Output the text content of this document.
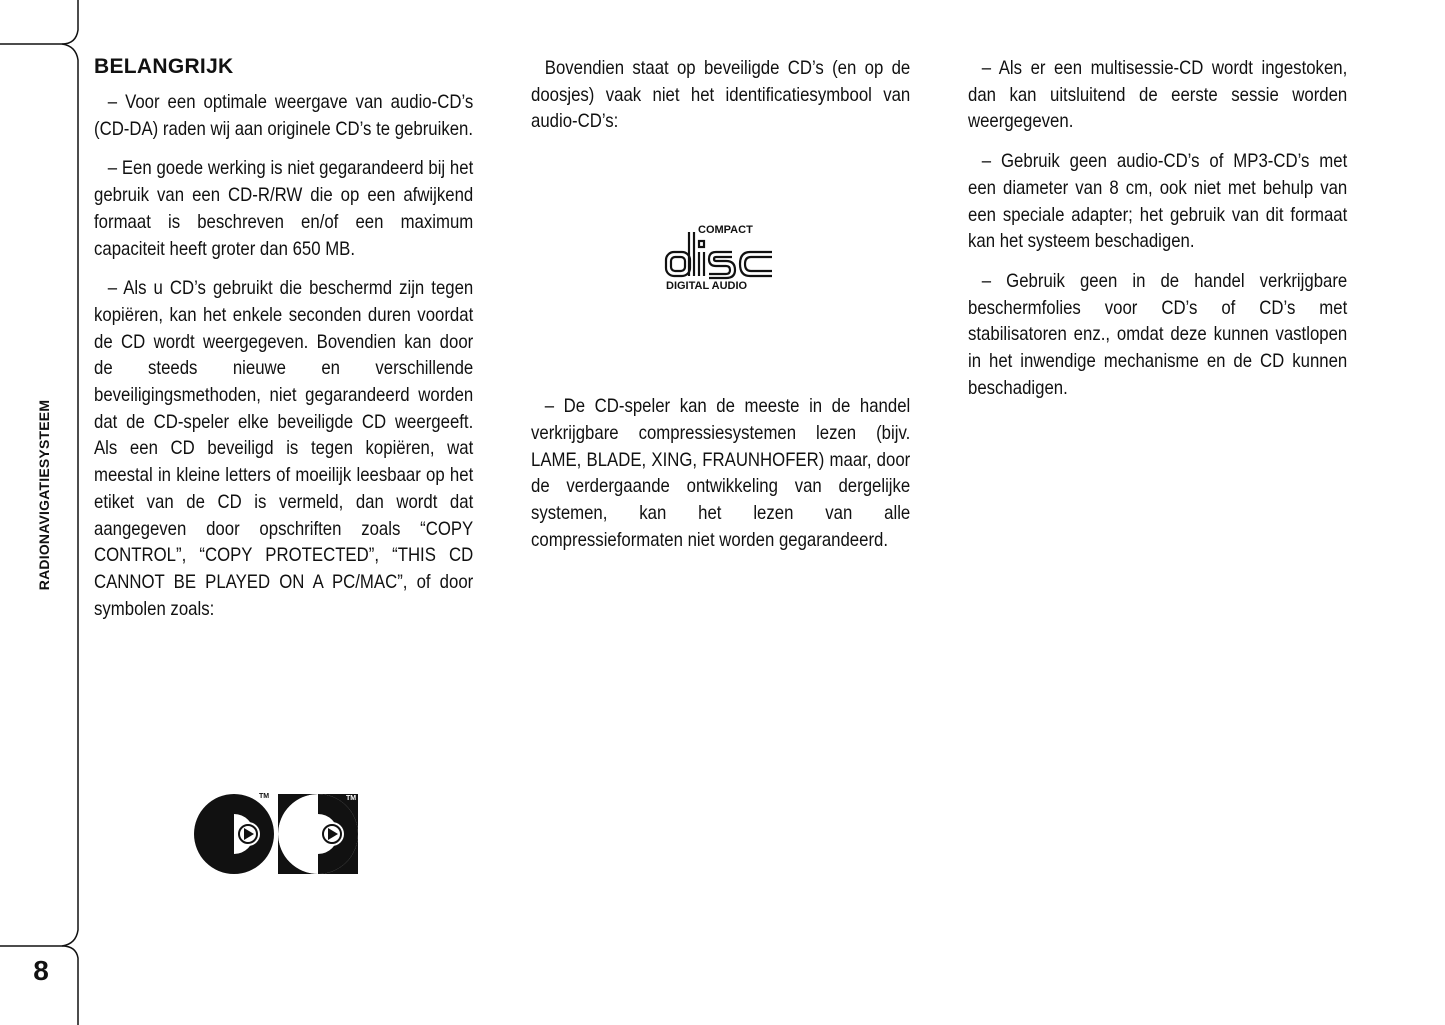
RADIONAVIGATIESYSTEEM
8
BELANGRIJK

– Voor een optimale weergave van audio-CD’s (CD-DA) raden wij aan originele CD’s te gebruiken.

– Een goede werking is niet gegarandeerd bij het gebruik van een CD-R/RW die op een afwijkend formaat is beschreven en/of een maximum capaciteit heeft groter dan 650 MB.

– Als u CD’s gebruikt die beschermd zijn tegen kopiëren, kan het enkele seconden duren voordat de CD wordt weergegeven. Bovendien kan door de steeds nieuwe en verschillende beveiligingsmethoden, niet gegarandeerd worden dat de CD-speler elke beveiligde CD weergeeft. Als een CD beveiligd is tegen kopiëren, wat meestal in kleine letters of moeilijk leesbaar op het etiket van de CD is vermeld, dan wordt dat aangegeven door opschriften zoals “COPY CONTROL”, “COPY PROTECTED”, “THIS CD CANNOT BE PLAYED ON A PC/MAC”, of door symbolen zoals:

Bovendien staat op beveiligde CD’s (en op de doosjes) vaak niet het identificatiesymbool van audio-CD’s:

– De CD-speler kan de meeste in de handel verkrijgbare compressiesystemen lezen (bijv. LAME, BLADE, XING, FRAUNHOFER) maar, door de verdergaande ontwikkeling van dergelijke systemen, kan het lezen van alle compressieformaten niet worden gegarandeerd.

– Als er een multisessie-CD wordt ingestoken, dan kan uitsluitend de eerste sessie worden weergegeven.

– Gebruik geen audio-CD’s of MP3-CD’s met een diameter van 8 cm, ook niet met behulp van een speciale adapter; het gebruik van dit formaat kan het systeem beschadigen.

– Gebruik geen in de handel verkrijgbare beschermfolies voor CD’s of CD’s met stabilisatoren enz., omdat deze kunnen vastlopen in het inwendige mechanisme en de CD kunnen beschadigen.

COMPACT
DIGITAL AUDIO
TM	TM
